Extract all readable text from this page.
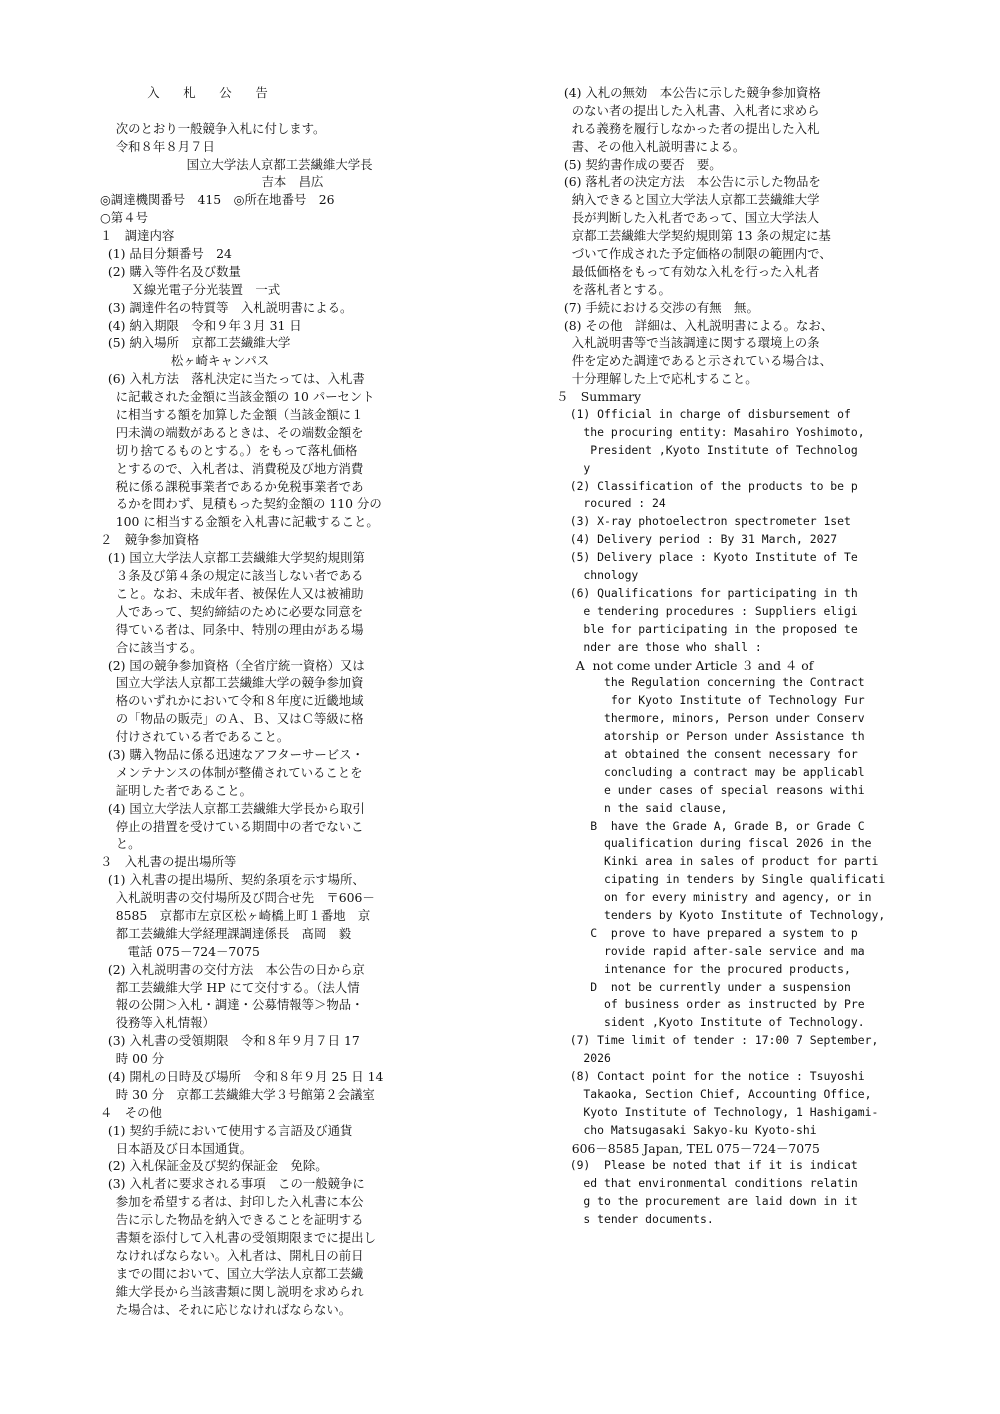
入      札      公      告
次のとおり一般競争入札に付します。
令和８年８月７日
国立大学法人京都工芸繊維大学長
吉本　昌広
◎調達機関番号　415　◎所在地番号　26
○第４号
１　調達内容
(1) 品目分類番号　24
(2) 購入等件名及び数量
Ｘ線光電子分光装置　一式
(3) 調達件名の特質等　入札説明書による。
(4) 納入期限　令和９年３月 31 日
(5) 納入場所　京都工芸繊維大学
松ヶ崎キャンパス
(6) 入札方法　落札決定に当たっては、入札書
に記載された金額に当該金額の 10 パーセント
に相当する額を加算した金額（当該金額に１
円未満の端数があるときは、その端数金額を
切り捨てるものとする。）をもって落札価格
とするので、入札者は、消費税及び地方消費
税に係る課税事業者であるか免税事業者であ
るかを問わず、見積もった契約金額の 110 分の
100 に相当する金額を入札書に記載すること。
２　競争参加資格
(1) 国立大学法人京都工芸繊維大学契約規則第
３条及び第４条の規定に該当しない者である
こと。なお、未成年者、被保佐人又は被補助
人であって、契約締結のために必要な同意を
得ている者は、同条中、特別の理由がある場
合に該当する。
(2) 国の競争参加資格（全省庁統一資格）又は
国立大学法人京都工芸繊維大学の競争参加資
格のいずれかにおいて令和８年度に近畿地域
の「物品の販売」のＡ、Ｂ、又はＣ等級に格
付けされている者であること。
(3) 購入物品に係る迅速なアフターサービス・
メンテナンスの体制が整備されていることを
証明した者であること。
(4) 国立大学法人京都工芸繊維大学長から取引
停止の措置を受けている期間中の者でないこ
と。
３　入札書の提出場所等
(1) 入札書の提出場所、契約条項を示す場所、
入札説明書の交付場所及び問合せ先　〒606－
8585　京都市左京区松ヶ崎橋上町１番地　京
都工芸繊維大学経理課調達係長　髙岡　毅
電話 075－724－7075
(2) 入札説明書の交付方法　本公告の日から京
都工芸繊維大学 HP にて交付する。（法人情
報の公開＞入札・調達・公募情報等＞物品・
役務等入札情報）
(3) 入札書の受領期限　令和８年９月７日 17
時 00 分
(4) 開札の日時及び場所　令和８年９月 25 日 14
時 30 分　京都工芸繊維大学３号館第２会議室
４　その他
(1) 契約手続において使用する言語及び通貨
日本語及び日本国通貨。
(2) 入札保証金及び契約保証金　免除。
(3) 入札者に要求される事項　この一般競争に
参加を希望する者は、封印した入札書に本公
告に示した物品を納入できることを証明する
書類を添付して入札書の受領期限までに提出し
なければならない。入札者は、開札日の前日
までの間において、国立大学法人京都工芸繊
維大学長から当該書類に関し説明を求められ
た場合は、それに応じなければならない。
(4) 入札の無効　本公告に示した競争参加資格
のない者の提出した入札書、入札者に求めら
れる義務を履行しなかった者の提出した入札
書、その他入札説明書による。
(5) 契約書作成の要否　要。
(6) 落札者の決定方法　本公告に示した物品を
納入できると国立大学法人京都工芸繊維大学
長が判断した入札者であって、国立大学法人
京都工芸繊維大学契約規則第 13 条の規定に基
づいて作成された予定価格の制限の範囲内で、
最低価格をもって有効な入札を行った入札者
を落札者とする。
(7) 手続における交渉の有無　無。
(8) その他　詳細は、入札説明書による。なお、
入札説明書等で当該調達に関する環境上の条
件を定めた調達であると示されている場合は、
十分理解した上で応札すること。
５　Summary
(1) Official in charge of disbursement of
the procuring entity: Masahiro Yoshimoto,
President ,Kyoto Institute of Technolog
y
(2) Classification of the products to be p
rocured : 24
(3) X-ray photoelectron spectrometer 1set
(4) Delivery period : By 31 March, 2027
(5) Delivery place : Kyoto Institute of Te
chnology
(6) Qualifications for participating in th
e tendering procedures : Suppliers eligi
ble for participating in the proposed te
nder are those who shall :
A  not come under Article ３ and ４ of
the Regulation concerning the Contract
for Kyoto Institute of Technology Fur
thermore, minors, Person under Conserv
atorship or Person under Assistance th
at obtained the consent necessary for
concluding a contract may be applicabl
e under cases of special reasons withi
n the said clause,
B  have the Grade A, Grade B, or Grade C
qualification during fiscal 2026 in the
Kinki area in sales of product for parti
cipating in tenders by Single qualificati
on for every ministry and agency, or in
tenders by Kyoto Institute of Technology,
C  prove to have prepared a system to p
rovide rapid after-sale service and ma
intenance for the procured products,
D  not be currently under a suspension
of business order as instructed by Pre
sident ,Kyoto Institute of Technology.
(7) Time limit of tender : 17:00 7 September,
2026
(8) Contact point for the notice : Tsuyoshi
Takaoka, Section Chief, Accounting Office,
Kyoto Institute of Technology, 1 Hashigami-
cho Matsugasaki Sakyo-ku Kyoto-shi
606－8585 Japan, TEL 075－724－7075
(9)  Please be noted that if it is indicat
ed that environmental conditions relatin
g to the procurement are laid down in it
s tender documents.
